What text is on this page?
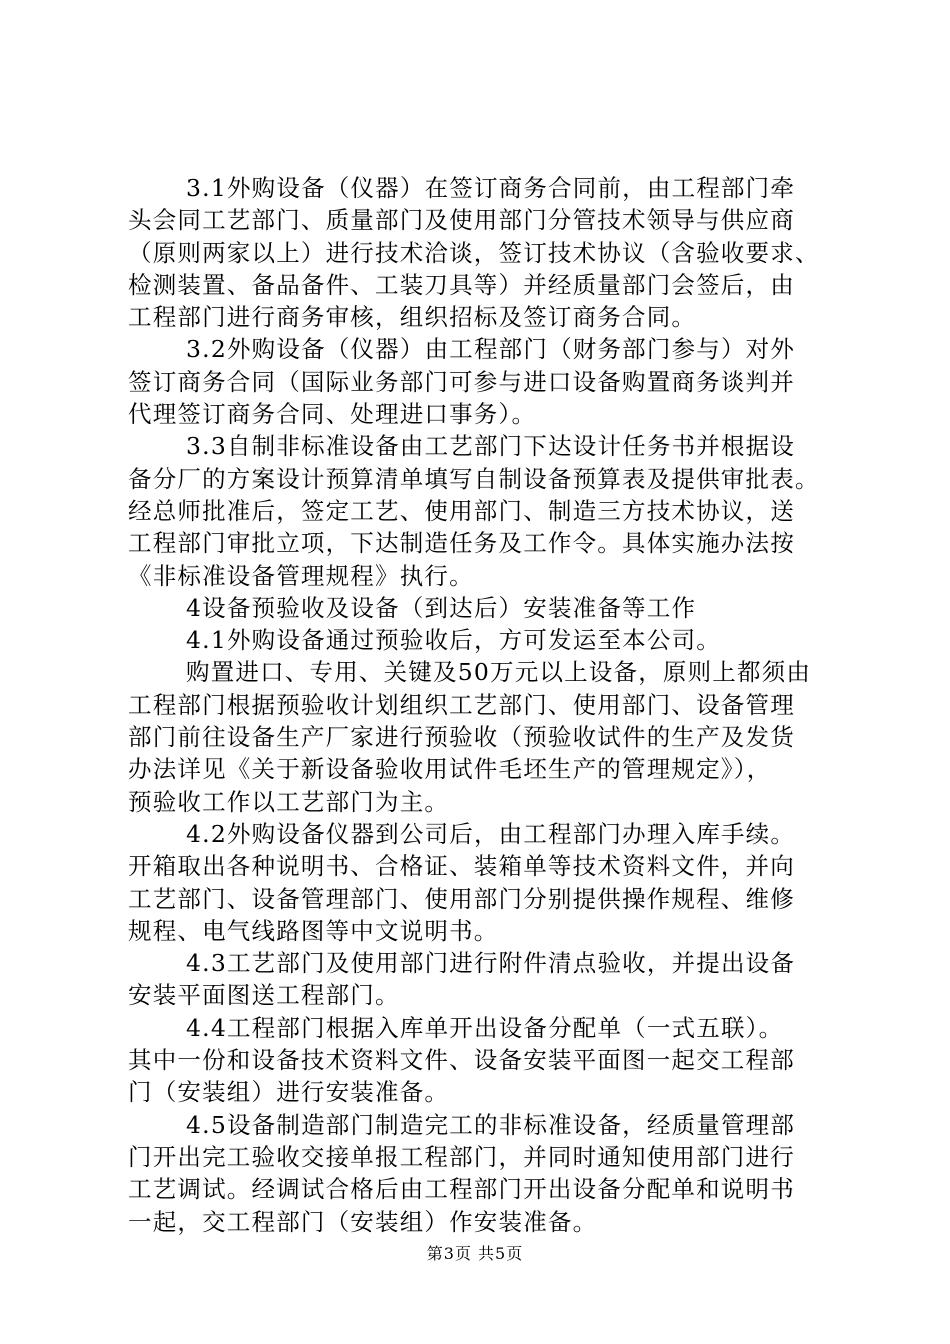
3.1外购设备（仪器）在签订商务合同前，由工程部门牵
头会同工艺部门、质量部门及使用部门分管技术领导与供应商
（原则两家以上）进行技术洽谈，签订技术协议（含验收要求、
检测装置、备品备件、工装刀具等）并经质量部门会签后，由
工程部门进行商务审核，组织招标及签订商务合同。
3.2外购设备（仪器）由工程部门（财务部门参与）对外
签订商务合同（国际业务部门可参与进口设备购置商务谈判并
代理签订商务合同、处理进口事务）。
3.3自制非标准设备由工艺部门下达设计任务书并根据设
备分厂的方案设计预算清单填写自制设备预算表及提供审批表。
经总师批准后，签定工艺、使用部门、制造三方技术协议，送
工程部门审批立项，下达制造任务及工作令。具体实施办法按
《非标准设备管理规程》执行。
4设备预验收及设备（到达后）安装准备等工作
4.1外购设备通过预验收后，方可发运至本公司。
购置进口、专用、关键及50万元以上设备，原则上都须由
工程部门根据预验收计划组织工艺部门、使用部门、设备管理
部门前往设备生产厂家进行预验收（预验收试件的生产及发货
办法详见《关于新设备验收用试件毛坯生产的管理规定》），
预验收工作以工艺部门为主。
4.2外购设备仪器到公司后，由工程部门办理入库手续。
开箱取出各种说明书、合格证、装箱单等技术资料文件，并向
工艺部门、设备管理部门、使用部门分别提供操作规程、维修
规程、电气线路图等中文说明书。
4.3工艺部门及使用部门进行附件清点验收，并提出设备
安装平面图送工程部门。
4.4工程部门根据入库单开出设备分配单（一式五联）。
其中一份和设备技术资料文件、设备安装平面图一起交工程部
门（安装组）进行安装准备。
4.5设备制造部门制造完工的非标准设备，经质量管理部
门开出完工验收交接单报工程部门，并同时通知使用部门进行
工艺调试。经调试合格后由工程部门开出设备分配单和说明书
一起，交工程部门（安装组）作安装准备。
第3页 共5页
